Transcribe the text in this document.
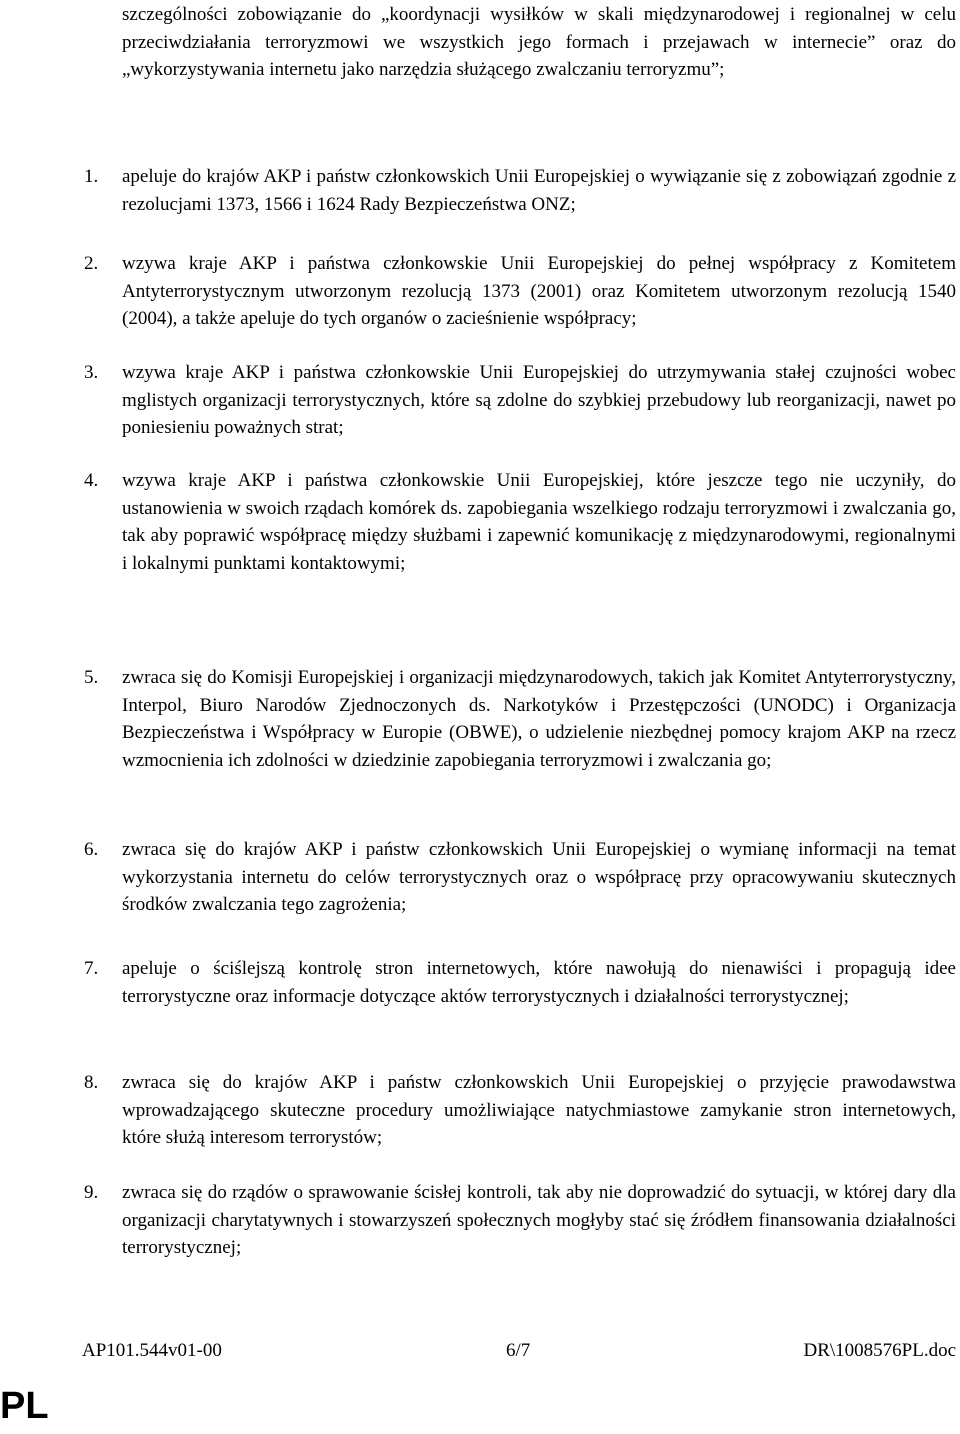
szczególności zobowiązanie do „koordynacji wysiłków w skali międzynarodowej i regionalnej w celu przeciwdziałania terroryzmowi we wszystkich jego formach i przejawach w internecie” oraz do „wykorzystywania internetu jako narzędzia służącego zwalczaniu terroryzmu”;

1. apeluje do krajów AKP i państw członkowskich Unii Europejskiej o wywiązanie się z zobowiązań zgodnie z rezolucjami 1373, 1566 i 1624 Rady Bezpieczeństwa ONZ;

2. wzywa kraje AKP i państwa członkowskie Unii Europejskiej do pełnej współpracy z Komitetem Antyterrorystycznym utworzonym rezolucją 1373 (2001) oraz Komitetem utworzonym rezolucją 1540 (2004), a także apeluje do tych organów o zacieśnienie współpracy;

3. wzywa kraje AKP i państwa członkowskie Unii Europejskiej do utrzymywania stałej czujności wobec mglistych organizacji terrorystycznych, które są zdolne do szybkiej przebudowy lub reorganizacji, nawet po poniesieniu poważnych strat;

4. wzywa kraje AKP i państwa członkowskie Unii Europejskiej, które jeszcze tego nie uczyniły, do ustanowienia w swoich rządach komórek ds. zapobiegania wszelkiego rodzaju terroryzmowi i zwalczania go, tak aby poprawić współpracę między służbami i zapewnić komunikację z międzynarodowymi, regionalnymi i lokalnymi punktami kontaktowymi;

5. zwraca się do Komisji Europejskiej i organizacji międzynarodowych, takich jak Komitet Antyterrorystyczny, Interpol, Biuro Narodów Zjednoczonych ds. Narkotyków i Przestępczości (UNODC) i Organizacja Bezpieczeństwa i Współpracy w Europie (OBWE), o udzielenie niezbędnej pomocy krajom AKP na rzecz wzmocnienia ich zdolności w dziedzinie zapobiegania terroryzmowi i zwalczania go;

6. zwraca się do krajów AKP i państw członkowskich Unii Europejskiej o wymianę informacji na temat wykorzystania internetu do celów terrorystycznych oraz o współpracę przy opracowywaniu skutecznych środków zwalczania tego zagrożenia;

7. apeluje o ściślejszą kontrolę stron internetowych, które nawołują do nienawiści i propagują idee terrorystyczne oraz informacje dotyczące aktów terrorystycznych i działalności terrorystycznej;

8. zwraca się do krajów AKP i państw członkowskich Unii Europejskiej o przyjęcie prawodawstwa wprowadzającego skuteczne procedury umożliwiające natychmiastowe zamykanie stron internetowych, które służą interesom terrorystów;

9. zwraca się do rządów o sprawowanie ścisłej kontroli, tak aby nie doprowadzić do sytuacji, w której dary dla organizacji charytatywnych i stowarzyszeń społecznych mogłyby stać się źródłem finansowania działalności terrorystycznej;

AP101.544v01-00	6/7	DR\1008576PL.doc
PL
